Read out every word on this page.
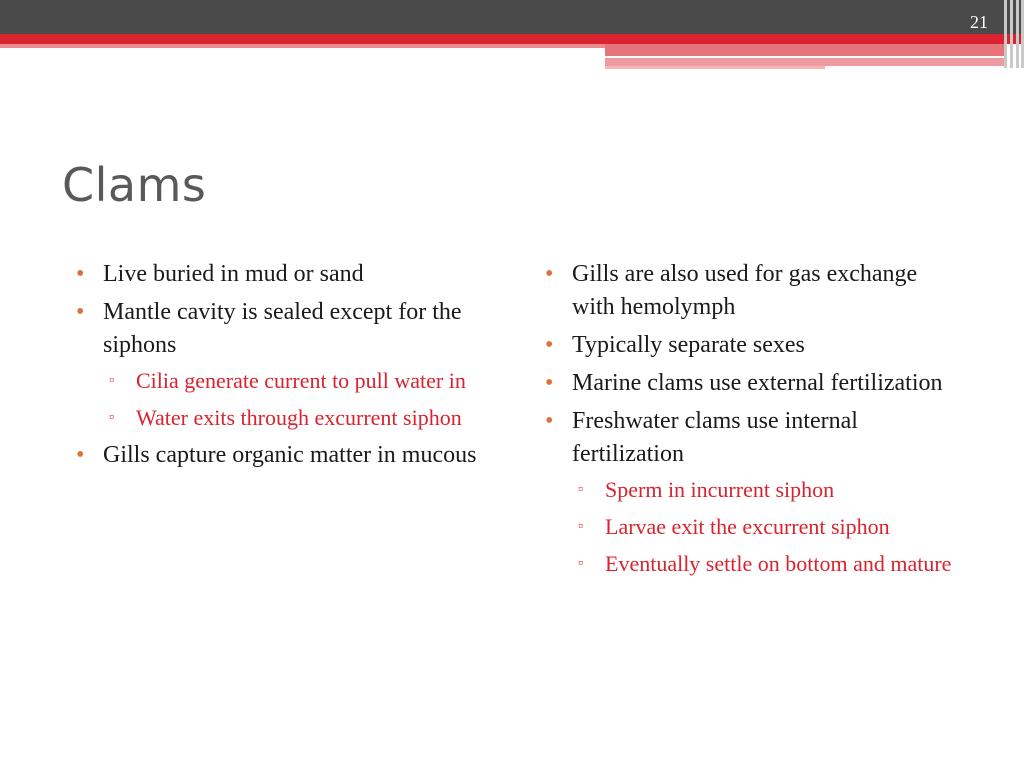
21
Clams
• Live buried in mud or sand
• Mantle cavity is sealed except for the siphons
▫ Cilia generate current to pull water in
▫ Water exits through excurrent siphon
• Gills capture organic matter in mucous
• Gills are also used for gas exchange with hemolymph
• Typically separate sexes
• Marine clams use external fertilization
• Freshwater clams use internal fertilization
▫ Sperm in incurrent siphon
▫ Larvae exit the excurrent siphon
▫ Eventually settle on bottom and mature
